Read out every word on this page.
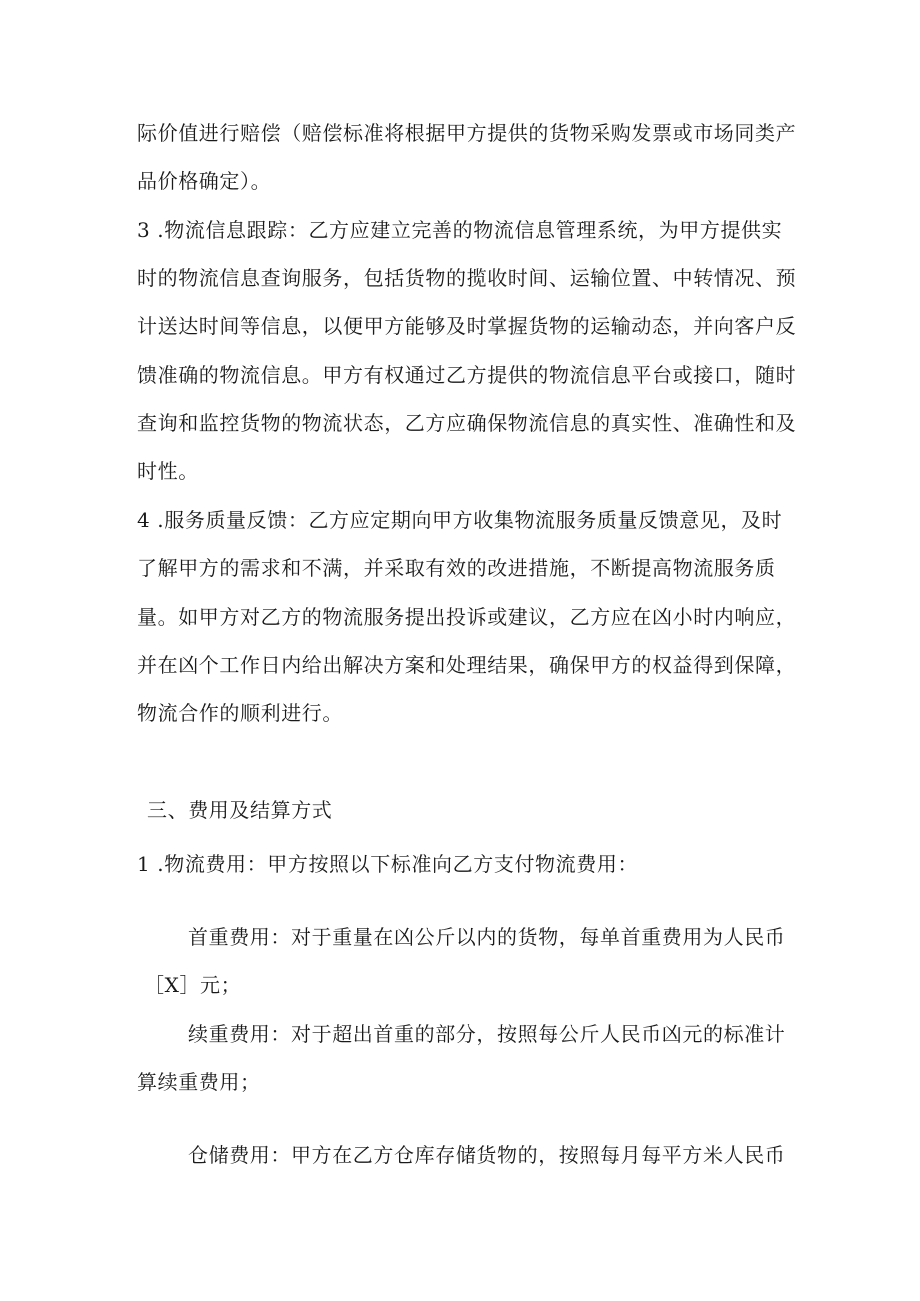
际价值进行赔偿（赔偿标准将根据甲方提供的货物采购发票或市场同类产
品价格确定）。
3 .物流信息跟踪：乙方应建立完善的物流信息管理系统，为甲方提供实
时的物流信息查询服务，包括货物的揽收时间、运输位置、中转情况、预
计送达时间等信息，以便甲方能够及时掌握货物的运输动态，并向客户反
馈准确的物流信息。甲方有权通过乙方提供的物流信息平台或接口，随时
查询和监控货物的物流状态，乙方应确保物流信息的真实性、准确性和及
时性。
4 .服务质量反馈：乙方应定期向甲方收集物流服务质量反馈意见，及时
了解甲方的需求和不满，并采取有效的改进措施，不断提高物流服务质
量。如甲方对乙方的物流服务提出投诉或建议，乙方应在凶小时内响应，
并在凶个工作日内给出解决方案和处理结果，确保甲方的权益得到保障，
物流合作的顺利进行。
三、费用及结算方式
1 .物流费用：甲方按照以下标准向乙方支付物流费用：
首重费用：对于重量在凶公斤以内的货物，每单首重费用为人民币
［X］元；
续重费用：对于超出首重的部分，按照每公斤人民币凶元的标准计
算续重费用；
仓储费用：甲方在乙方仓库存储货物的，按照每月每平方米人民币
